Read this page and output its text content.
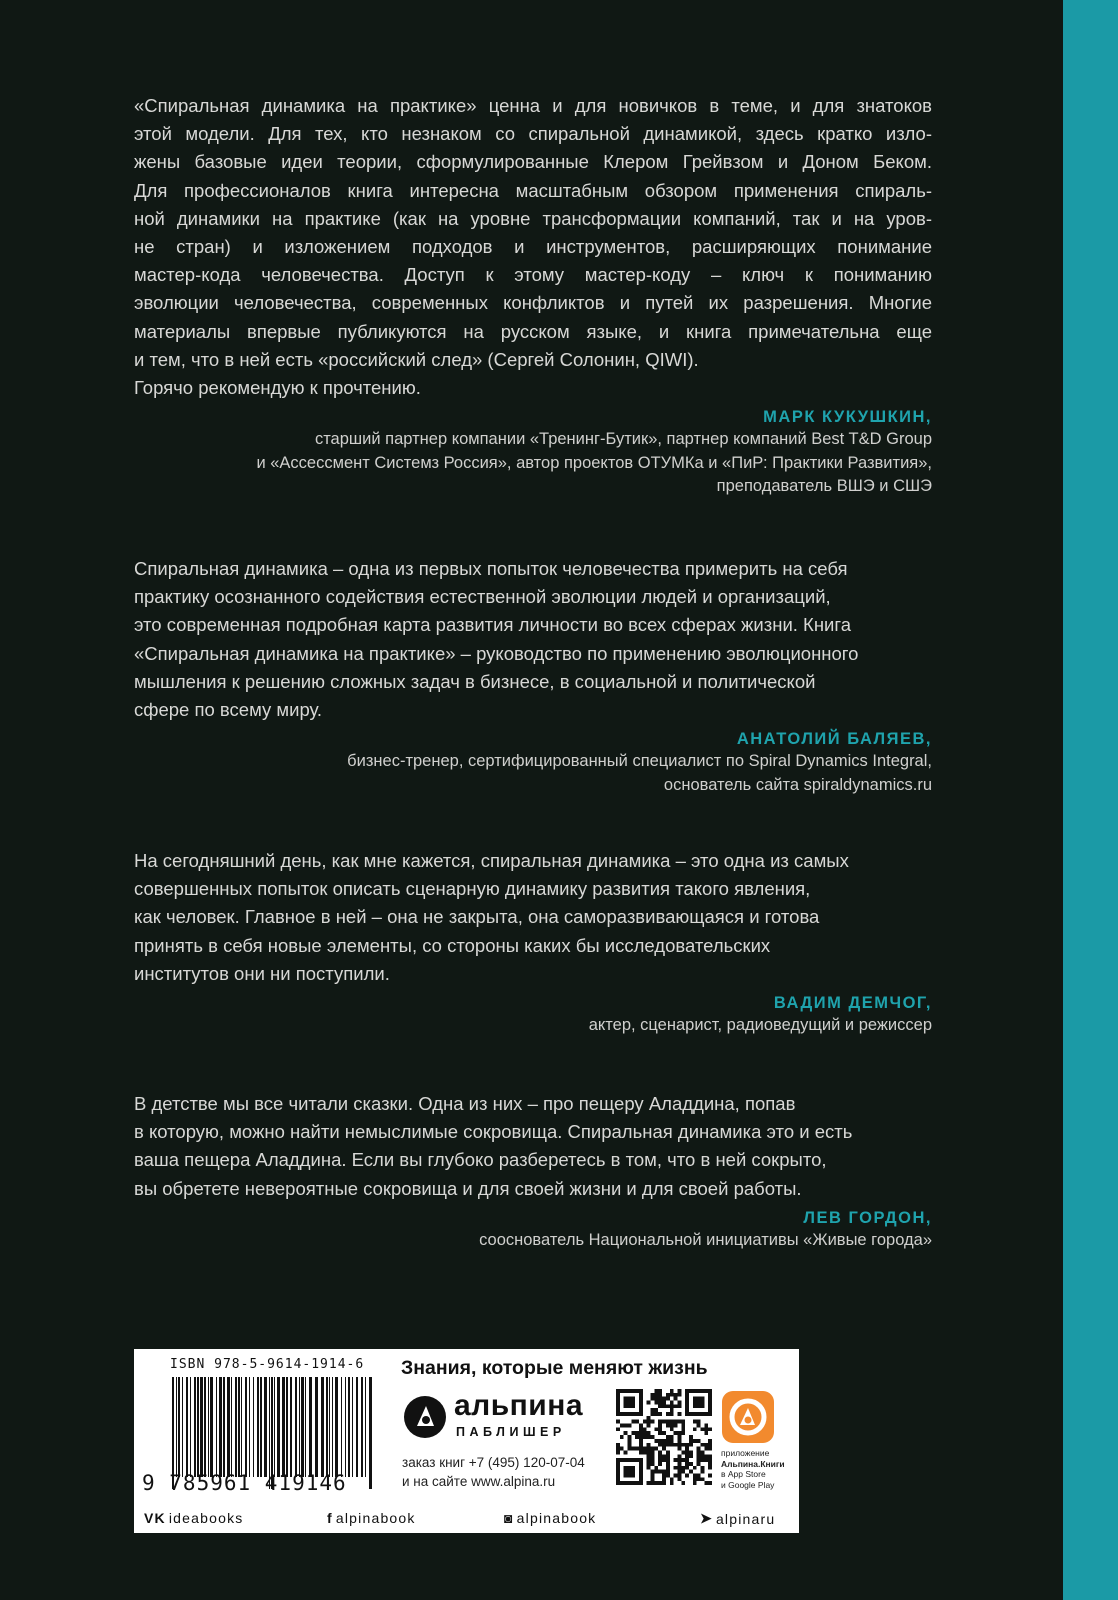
«Спиральная динамика на практике» ценна и для новичков в теме, и для знатоков

этой модели. Для тех, кто незнаком со спиральной динамикой, здесь кратко изло-

жены базовые идеи теории, сформулированные Клером Грейвзом и Доном Беком.

Для профессионалов книга интересна масштабным обзором применения спираль-

ной динамики на практике (как на уровне трансформации компаний, так и на уров-

не стран) и изложением подходов и инструментов, расширяющих понимание

мастер-кода человечества. Доступ к этому мастер-коду – ключ к пониманию

эволюции человечества, современных конфликтов и путей их разрешения. Многие

материалы впервые публикуются на русском языке, и книга примечательна еще

и тем, что в ней есть «российский след» (Сергей Солонин, QIWI).

Горячо рекомендую к прочтению.

МАРК КУКУШКИН,
старший партнер компании «Тренинг-Бутик», партнер компаний Best T&D Group
и «Ассессмент Системз Россия», автор проектов ОТУМКа и «ПиР: Практики Развития»,
преподаватель ВШЭ и СШЭ

Спиральная динамика – одна из первых попыток человечества примерить на себя

практику осознанного содействия естественной эволюции людей и организаций,

это современная подробная карта развития личности во всех сферах жизни. Книга

«Спиральная динамика на практике» – руководство по применению эволюционного

мышления к решению сложных задач в бизнесе, в социальной и политической

сфере по всему миру.

АНАТОЛИЙ БАЛЯЕВ,
бизнес-тренер, сертифицированный специалист по Spiral Dynamics Integral,
основатель сайта spiraldynamics.ru

На сегодняшний день, как мне кажется, спиральная динамика – это одна из самых

совершенных попыток описать сценарную динамику развития такого явления,

как человек. Главное в ней – она не закрыта, она саморазвивающаяся и готова

принять в себя новые элементы, со стороны каких бы исследовательских

институтов они ни поступили.

ВАДИМ ДЕМЧОГ,
актер, сценарист, радиоведущий и режиссер

В детстве мы все читали сказки. Одна из них – про пещеру Аладдина, попав

в которую, можно найти немыслимые сокровища. Спиральная динамика это и есть

ваша пещера Аладдина. Если вы глубоко разберетесь в том, что в ней сокрыто,

вы обретете невероятные сокровища и для своей жизни и для своей работы.

ЛЕВ ГОРДОН,
сооснователь Национальной инициативы «Живые города»
ISBN 978-5-9614-1914-6
9 785961 419146
Знания, которые меняют жизнь
альпина
ПАБЛИШЕР
заказ книг +7 (495) 120-07-04
и на сайте www.alpina.ru
приложение
Альпина.Книги
в App Store
и Google Play
VK ideabooks	f alpinabook	◙ alpinabook	➤ alpinaru
